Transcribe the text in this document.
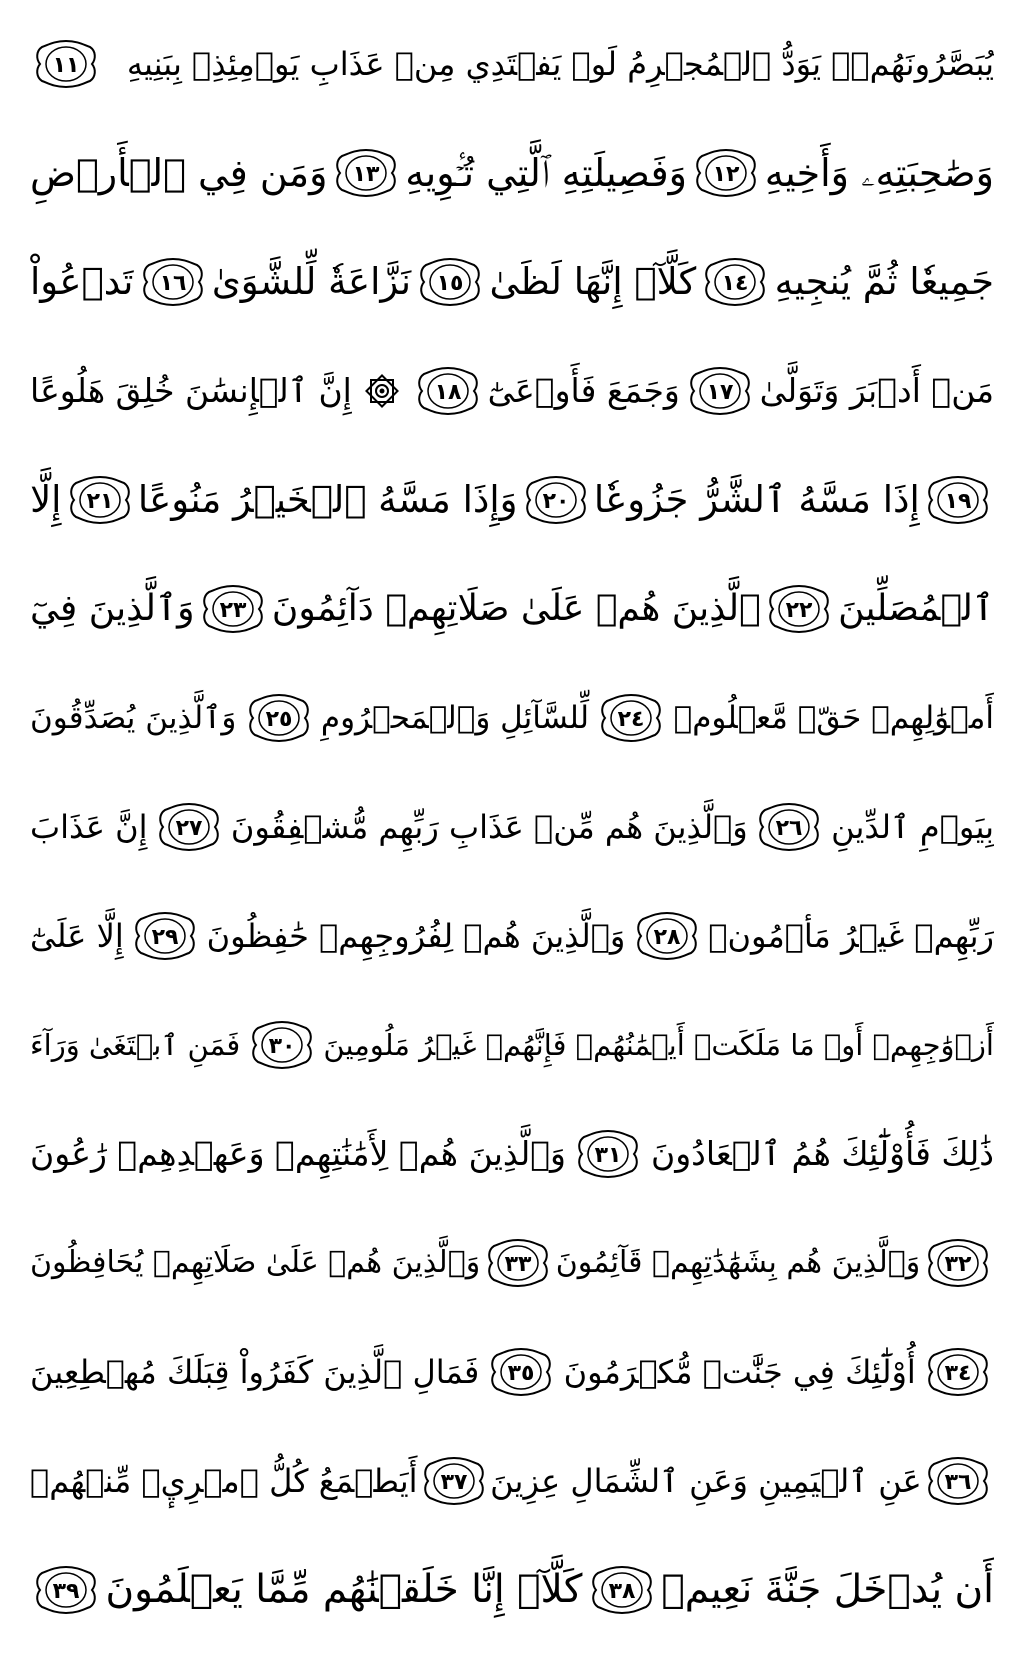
يُبَصَّرُونَهُمۡۚ يَوَدُّ ٱلۡمُجۡرِمُ لَوۡ يَفۡتَدِي مِنۡ عَذَابِ يَوۡمِئِذِۭ بِبَنِيهِ
١١
وَصَٰحِبَتِهِۦ وَأَخِيهِ
١٢
وَفَصِيلَتِهِ ٱلَّتِي تُـٔۡوِيهِ
١٣
وَمَن فِي ٱلۡأَرۡضِ
جَمِيعٗا ثُمَّ يُنجِيهِ
١٤
كَلَّآۖ إِنَّهَا لَظَىٰ
١٥
نَزَّاعَةٗ لِّلشَّوَىٰ
١٦
تَدۡعُواْ
مَنۡ أَدۡبَرَ وَتَوَلَّىٰ
١٧
وَجَمَعَ فَأَوۡعَىٰٓ
١٨
إِنَّ ٱلۡإِنسَٰنَ خُلِقَ هَلُوعًا
١٩
إِذَا مَسَّهُ ٱلشَّرُّ جَزُوعٗا
٢٠
وَإِذَا مَسَّهُ ٱلۡخَيۡرُ مَنُوعًا
٢١
إِلَّا
ٱلۡمُصَلِّينَ
٢٢
ٱلَّذِينَ هُمۡ عَلَىٰ صَلَاتِهِمۡ دَآئِمُونَ
٢٣
وَٱلَّذِينَ فِيٓ
أَمۡوَٰلِهِمۡ حَقّٞ مَّعۡلُومٞ
٢٤
لِّلسَّآئِلِ وَٱلۡمَحۡرُومِ
٢٥
وَٱلَّذِينَ يُصَدِّقُونَ
بِيَوۡمِ ٱلدِّينِ
٢٦
وَٱلَّذِينَ هُم مِّنۡ عَذَابِ رَبِّهِم مُّشۡفِقُونَ
٢٧
إِنَّ عَذَابَ
رَبِّهِمۡ غَيۡرُ مَأۡمُونٖ
٢٨
وَٱلَّذِينَ هُمۡ لِفُرُوجِهِمۡ حَٰفِظُونَ
٢٩
إِلَّا عَلَىٰٓ
أَزۡوَٰجِهِمۡ أَوۡ مَا مَلَكَتۡ أَيۡمَٰنُهُمۡ فَإِنَّهُمۡ غَيۡرُ مَلُومِينَ
٣٠
فَمَنِ ٱبۡتَغَىٰ وَرَآءَ
ذَٰلِكَ فَأُوْلَٰٓئِكَ هُمُ ٱلۡعَادُونَ
٣١
وَٱلَّذِينَ هُمۡ لِأَمَٰنَٰتِهِمۡ وَعَهۡدِهِمۡ رَٰعُونَ
٣٢
وَٱلَّذِينَ هُم بِشَهَٰدَٰتِهِمۡ قَآئِمُونَ
٣٣
وَٱلَّذِينَ هُمۡ عَلَىٰ صَلَاتِهِمۡ يُحَافِظُونَ
٣٤
أُوْلَٰٓئِكَ فِي جَنَّٰتٖ مُّكۡرَمُونَ
٣٥
فَمَالِ ٱلَّذِينَ كَفَرُواْ قِبَلَكَ مُهۡطِعِينَ
٣٦
عَنِ ٱلۡيَمِينِ وَعَنِ ٱلشِّمَالِ عِزِينَ
٣٧
أَيَطۡمَعُ كُلُّ ٱمۡرِيٕٖ مِّنۡهُمۡ
أَن يُدۡخَلَ جَنَّةَ نَعِيمٖ
٣٨
كَلَّآۖ إِنَّا خَلَقۡنَٰهُم مِّمَّا يَعۡلَمُونَ
٣٩
